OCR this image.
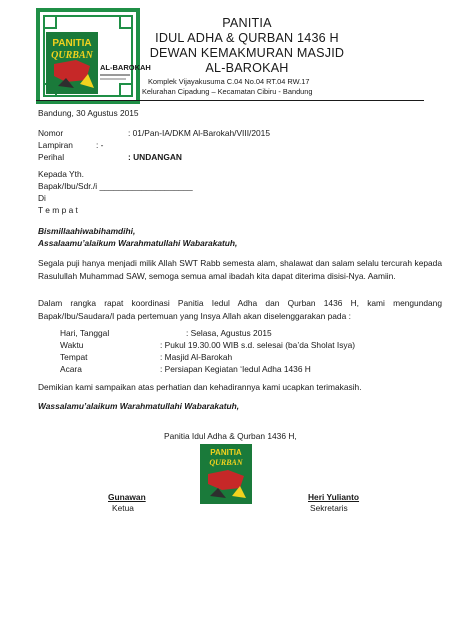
PANITIA
QURBAN
AL-BAROKAH
PANITIA
IDUL ADHA & QURBAN 1436 H
DEWAN KEMAKMURAN MASJID
AL-BAROKAH
Komplek Vijayakusuma C.04 No.04 RT.04 RW.17
Kelurahan Cipadung – Kecamatan Cibiru - Bandung
Bandung, 30 Agustus 2015
Nomor	: 01/Pan-IA/DKM Al-Barokah/VIII/2015
Lampiran	: -
Perihal	: UNDANGAN
Kepada Yth.
Bapak/Ibu/Sdr./i ____________________
Di
T e m p a t
Bismillaahiwabihamdihi,
Assalaamu’alaikum Warahmatullahi Wabarakatuh,
Segala puji hanya menjadi milik Allah SWT Rabb semesta alam, shalawat dan salam selalu tercurah kepada Rasulullah Muhammad SAW, semoga semua amal ibadah kita dapat diterima disisi-Nya. Aamiin.
Dalam rangka rapat koordinasi Panitia Iedul Adha dan Qurban 1436 H, kami mengundang Bapak/Ibu/Saudara/I pada pertemuan yang Insya Allah akan diselenggarakan pada :
Hari, Tanggal	: Selasa, Agustus 2015
Waktu	: Pukul 19.30.00 WIB s.d. selesai (ba’da Sholat Isya)
Tempat	: Masjid Al-Barokah
Acara	: Persiapan Kegiatan ‘Iedul Adha 1436 H
Demikian kami sampaikan atas perhatian dan kehadirannya kami ucapkan terimakasih.
Wassalamu’alaikum Warahmatullahi Wabarakatuh,
Panitia Idul Adha & Qurban 1436 H,
PANITIA
QURBAN
Gunawan
Ketua
Heri Yulianto
Sekretaris
